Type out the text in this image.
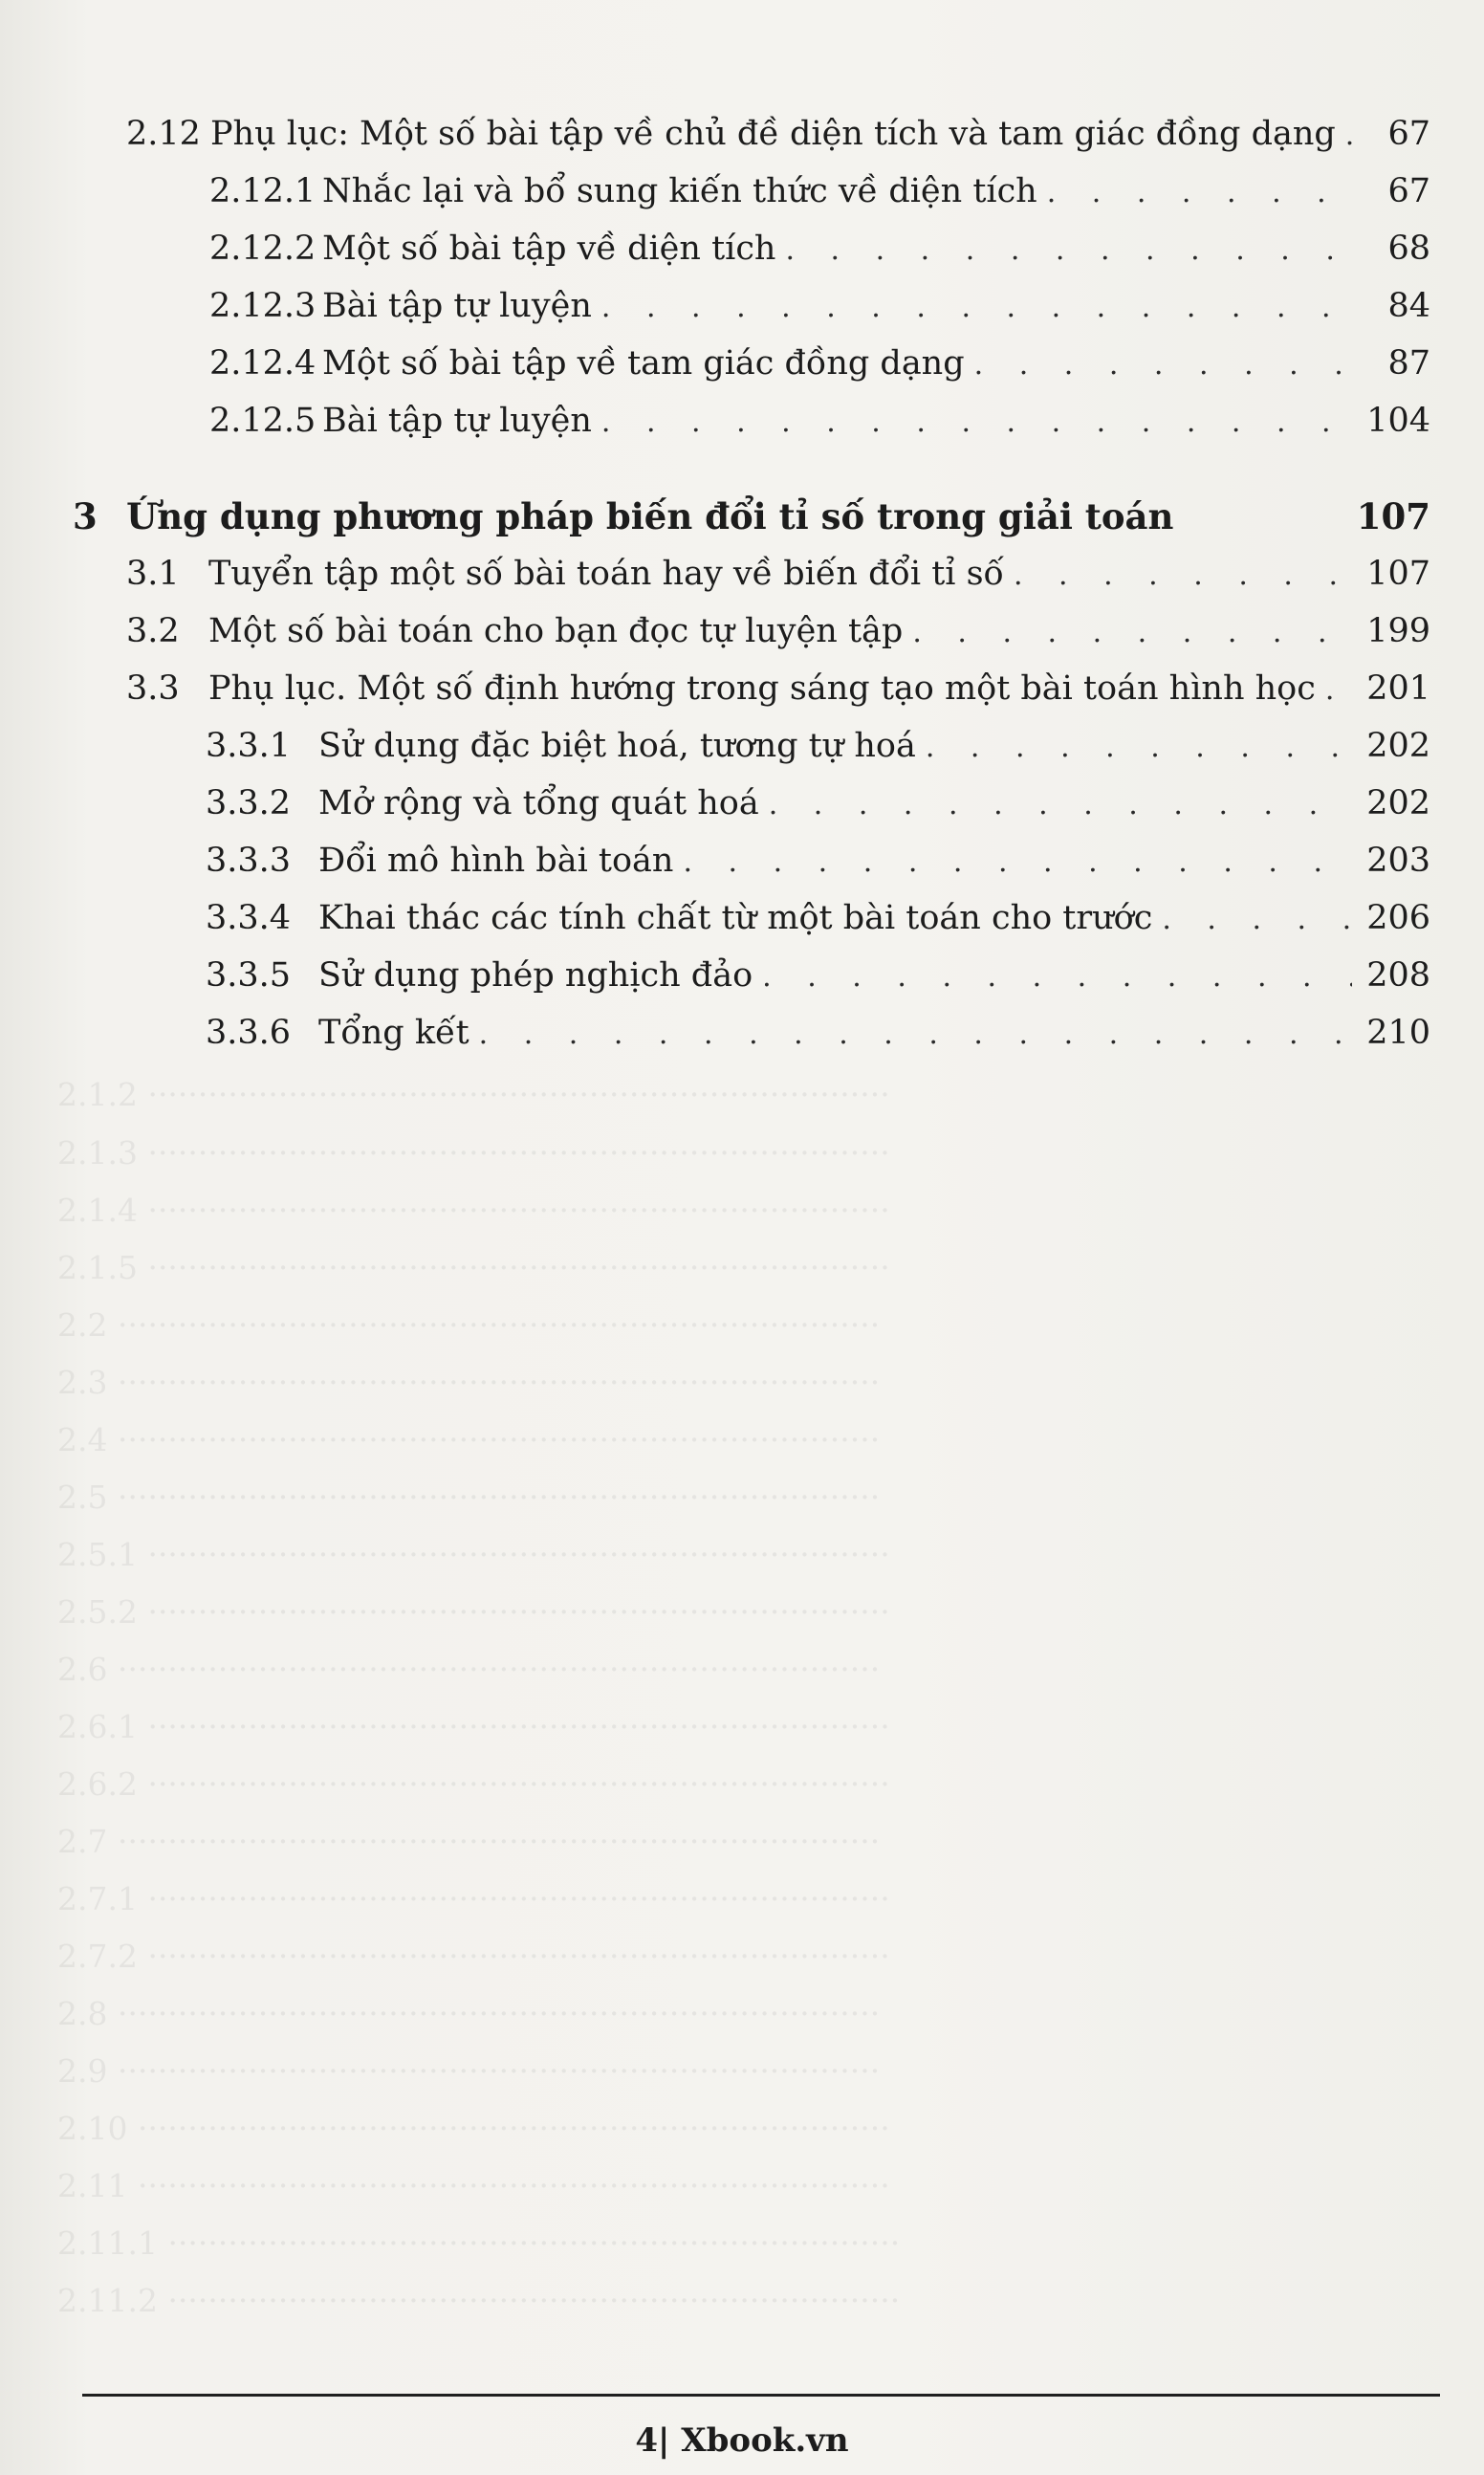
2.1.2 ··········································································
2.1.3 ··········································································
2.1.4 ··········································································
2.1.5 ··········································································
2.2 ············································································
2.3 ············································································
2.4 ············································································
2.5 ············································································
2.5.1 ··········································································
2.5.2 ··········································································
2.6 ············································································
2.6.1 ··········································································
2.6.2 ··········································································
2.7 ············································································
2.7.1 ··········································································
2.7.2 ··········································································
2.8 ············································································
2.9 ············································································
2.10 ···········································································
2.11 ···········································································
2.11.1 ·········································································
2.11.2 ·········································································
2.12 Phụ lục: Một số bài tập về chủ đề diện tích và tam giác đồng dạng . . .	67
2.12.1 Nhắc lại và bổ sung kiến thức về diện tích . . .	67
2.12.2 Một số bài tập về diện tích . . .	68
2.12.3 Bài tập tự luyện . . .	84
2.12.4 Một số bài tập về tam giác đồng dạng . . .	87
2.12.5 Bài tập tự luyện . . .	104
3 Ứng dụng phương pháp biến đổi tỉ số trong giải toán	107
3.1 Tuyển tập một số bài toán hay về biến đổi tỉ số . . .	107
3.2 Một số bài toán cho bạn đọc tự luyện tập . . .	199
3.3 Phụ lục. Một số định hướng trong sáng tạo một bài toán hình học . . .	201
3.3.1 Sử dụng đặc biệt hoá, tương tự hoá . . .	202
3.3.2 Mở rộng và tổng quát hoá . . .	202
3.3.3 Đổi mô hình bài toán . . .	203
3.3.4 Khai thác các tính chất từ một bài toán cho trước . . .	206
3.3.5 Sử dụng phép nghịch đảo . . .	208
3.3.6 Tổng kết . . .	210
4| Xbook.vn
